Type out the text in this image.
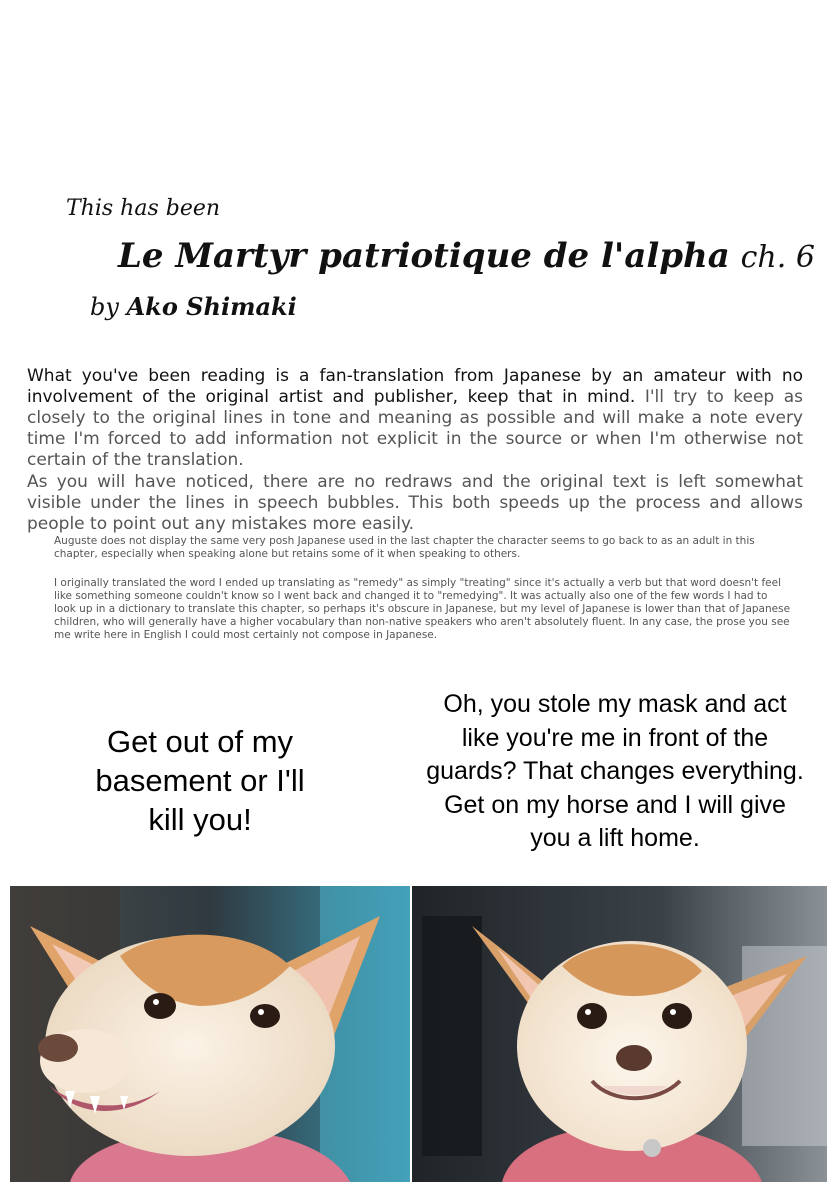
This has been
Le Martyr patriotique de l'alpha ch. 6
by Ako Shimaki
What you've been reading is a fan-translation from Japanese by an amateur with no involvement of the original artist and publisher, keep that in mind. I'll try to keep as closely to the original lines in tone and meaning as possible and will make a note every time I'm forced to add information not explicit in the source or when I'm otherwise not certain of the translation.
As you will have noticed, there are no redraws and the original text is left somewhat visible under the lines in speech bubbles. This both speeds up the process and allows people to point out any mistakes more easily.
Auguste does not display the same very posh Japanese used in the last chapter the character seems to go back to as an adult in this chapter, especially when speaking alone but retains some of it when speaking to others.
I originally translated the word I ended up translating as "remedy" as simply "treating" since it's actually a verb but that word doesn't feel like something someone couldn't know so I went back and changed it to "remedying". It was actually also one of the few words I had to look up in a dictionary to translate this chapter, so perhaps it's obscure in Japanese, but my level of Japanese is lower than that of Japanese children, who will generally have a higher vocabulary than non-native speakers who aren't absolutely fluent. In any case, the prose you see me write here in English I could most certainly not compose in Japanese.
Get out of my basement or I'll kill you!
Oh, you stole my mask and act like you're me in front of the guards? That changes everything. Get on my horse and I will give you a lift home.
